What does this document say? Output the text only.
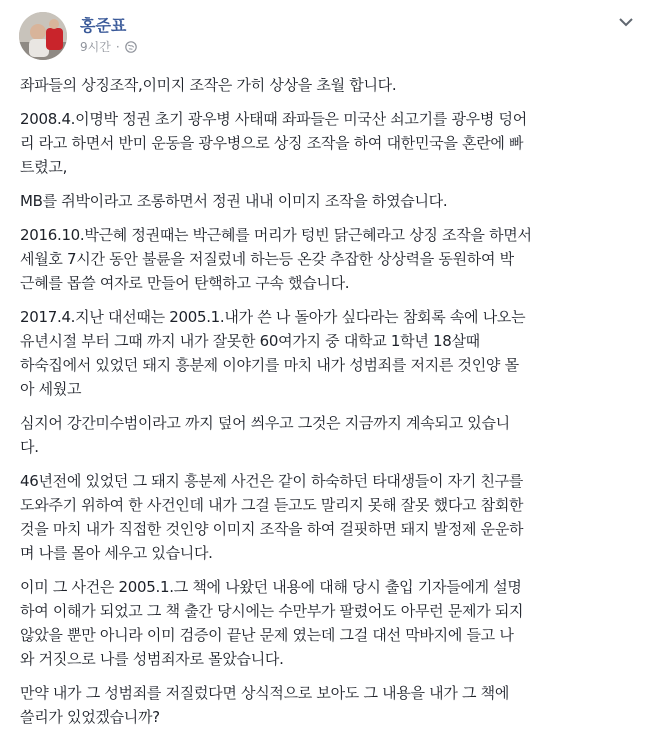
홍준표
9시간 ·

좌파들의 상징조작,이미지 조작은 가히 상상을 초월 합니다.

2008.4.이명박 정권 초기 광우병 사태때 좌파들은 미국산 쇠고기를 광우병 덩어
리 라고 하면서 반미 운동을 광우병으로 상징 조작을 하여 대한민국을 혼란에 빠
트렸고,

MB를 쥐박이라고 조롱하면서 정권 내내 이미지 조작을 하였습니다.

2016.10.박근혜 정권때는 박근혜를 머리가 텅빈 닭근혜라고 상징 조작을 하면서
세월호 7시간 동안 불륜을 저질렀네 하는등 온갖 추잡한 상상력을 동원하여 박
근혜를 몹쓸 여자로 만들어 탄핵하고 구속 했습니다.

2017.4.지난 대선때는 2005.1.내가 쓴 나 돌아가 싶다라는 참회록 속에 나오는
유년시절 부터 그때 까지 내가 잘못한 60여가지 중 대학교 1학년 18살때
하숙집에서 있었던 돼지 흥분제 이야기를 마치 내가 성범죄를 저지른 것인양 몰
아 세웠고

심지어 강간미수범이라고 까지 덮어 씌우고 그것은 지금까지 계속되고 있습니
다.

46년전에 있었던 그 돼지 흥분제 사건은 같이 하숙하던 타대생들이 자기 친구를
도와주기 위하여 한 사건인데 내가 그걸 듣고도 말리지 못해 잘못 했다고 참회한
것을 마치 내가 직접한 것인양 이미지 조작을 하여 걸핏하면 돼지 발정제 운운하
며 나를 몰아 세우고 있습니다.

이미 그 사건은 2005.1.그 책에 나왔던 내용에 대해 당시 출입 기자들에게 설명
하여 이해가 되었고 그 책 출간 당시에는 수만부가 팔렸어도 아무런 문제가 되지
않았을 뿐만 아니라 이미 검증이 끝난 문제 였는데 그걸 대선 막바지에 들고 나
와 거짓으로 나를 성범죄자로 몰았습니다.

만약 내가 그 성범죄를 저질렀다면 상식적으로 보아도 그 내용을 내가 그 책에
쓸리가 있었겠습니까?
